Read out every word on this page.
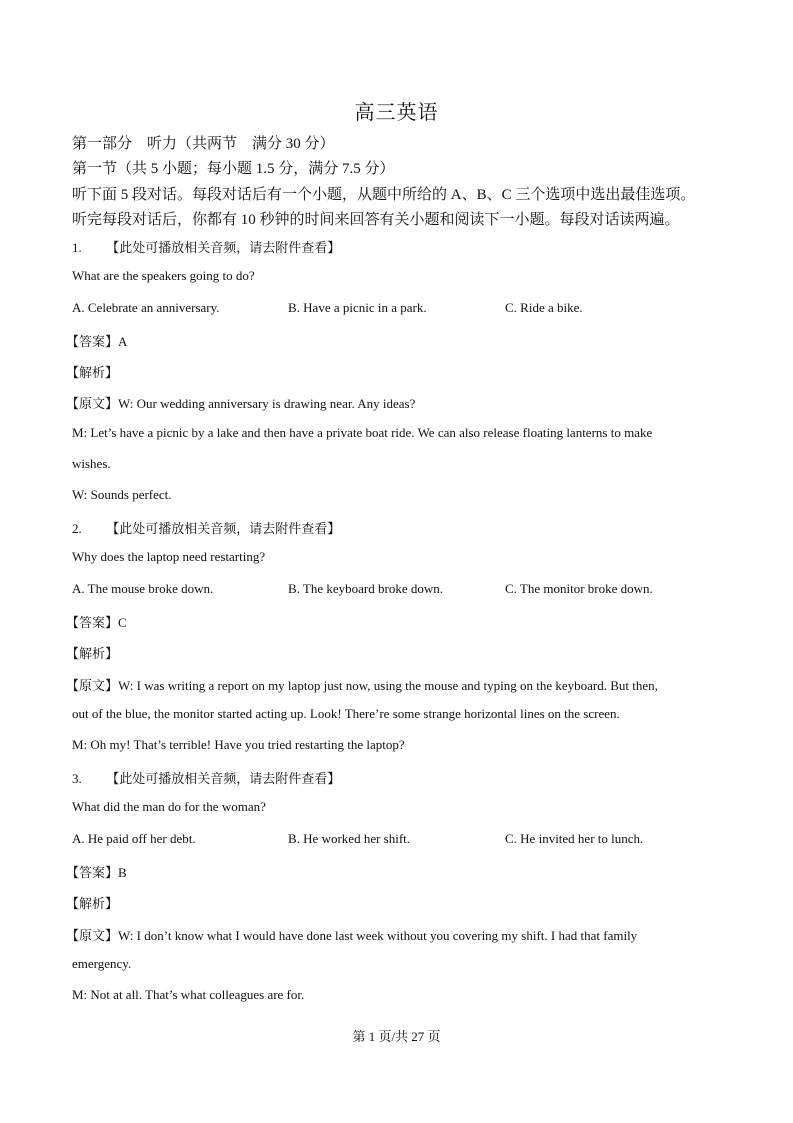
高三英语
第一部分　听力（共两节　满分 30 分）
第一节（共 5 小题；每小题 1.5 分，满分 7.5 分）
听下面 5 段对话。每段对话后有一个小题，从题中所给的 A、B、C 三个选项中选出最佳选项。
听完每段对话后，你都有 10 秒钟的时间来回答有关小题和阅读下一小题。每段对话读两遍。
1. 【此处可播放相关音频，请去附件查看】
What are the speakers going to do?
A. Celebrate an anniversary.	B. Have a picnic in a park.	C. Ride a bike.
【答案】A
【解析】
【原文】W: Our wedding anniversary is drawing near. Any ideas?
M: Let’s have a picnic by a lake and then have a private boat ride. We can also release floating lanterns to make
wishes.
W: Sounds perfect.
2. 【此处可播放相关音频，请去附件查看】
Why does the laptop need restarting?
A. The mouse broke down.	B. The keyboard broke down.	C. The monitor broke down.
【答案】C
【解析】
【原文】W: I was writing a report on my laptop just now, using the mouse and typing on the keyboard. But then,
out of the blue, the monitor started acting up. Look! There’re some strange horizontal lines on the screen.
M: Oh my! That’s terrible! Have you tried restarting the laptop?
3. 【此处可播放相关音频，请去附件查看】
What did the man do for the woman?
A. He paid off her debt.	B. He worked her shift.	C. He invited her to lunch.
【答案】B
【解析】
【原文】W: I don’t know what I would have done last week without you covering my shift. I had that family
emergency.
M: Not at all. That’s what colleagues are for.
第 1 页/共 27 页
